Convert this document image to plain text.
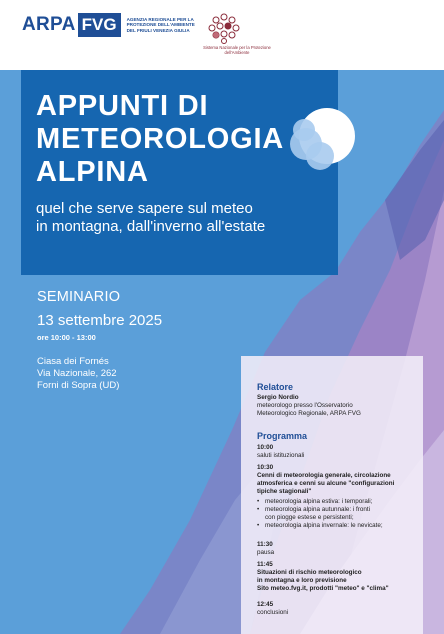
ARPA FVG	AGENZIA REGIONALE PER LA PROTEZIONE DELL'AMBIENTE DEL FRIULI VENEZIA GIULIA
Sistema Nazionale per la Protezione dell'Ambiente
APPUNTI DI
METEOROLOGIA
ALPINA
quel che serve sapere sul meteo
in montagna, dall'inverno all'estate
SEMINARIO
13 settembre 2025
ore 10:00 - 13:00
Ciasa dei Fornés
Via Nazionale, 262
Forni di Sopra (UD)	Relatore
Sergio Nordio
meteorologo presso l'Osservatorio
Meteorologico Regionale, ARPA FVG
Programma
10:00
saluti istituzionali
10:30
Cenni di meteorologia generale, circolazione
atmosferica e cenni su alcune "configurazioni
tipiche stagionali"
• meteorologia alpina estiva: i temporali;
• meteorologia alpina autunnale: i fronti
con piogge estese e persistenti;
• meteorologia alpina invernale: le nevicate;
11:30
pausa
11:45
Situazioni di rischio meteorologico
in montagna e loro previsione
Sito meteo.fvg.it, prodotti "meteo" e "clima"
12:45
conclusioni
